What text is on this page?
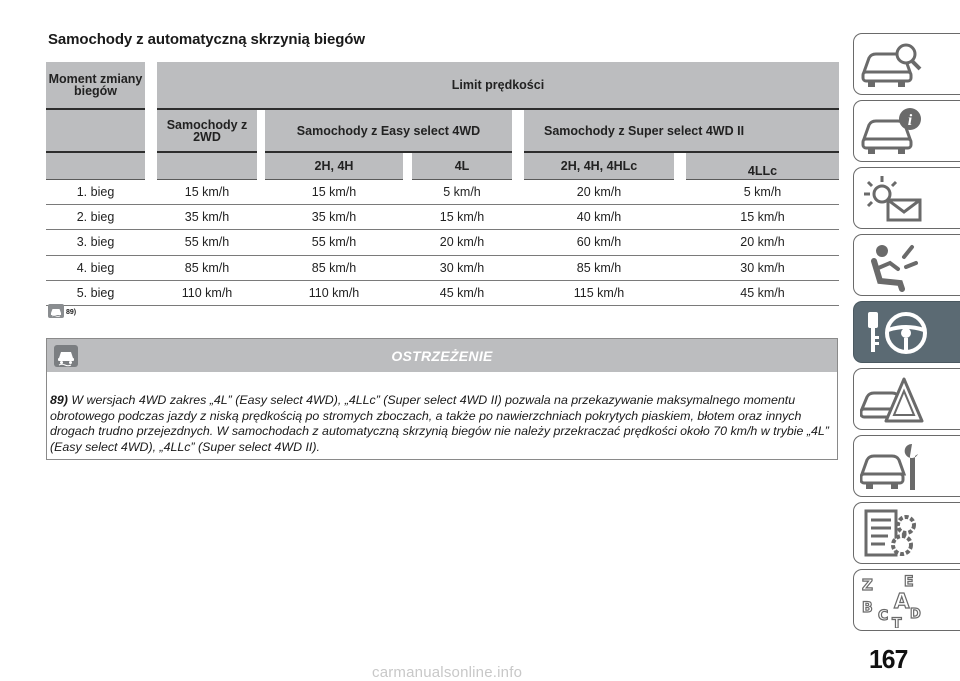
Samochody z automatyczną skrzynią biegów
Moment zmiany biegów		Limit prędkości								
		Samochody z 2WD		Samochody z Easy select 4WD				Samochody z Super select 4WD II		
				2H, 4H		4L		2H, 4H, 4HLc		4LLc
1. bieg		15 km/h		15 km/h		5 km/h		20 km/h		5 km/h
2. bieg		35 km/h		35 km/h		15 km/h		40 km/h		15 km/h
3. bieg		55 km/h		55 km/h		20 km/h		60 km/h		20 km/h
4. bieg		85 km/h		85 km/h		30 km/h		85 km/h		30 km/h
5. bieg		110 km/h		110 km/h		45 km/h		115 km/h		45 km/h
89)
OSTRZEŻENIE

89) W wersjach 4WD zakres „4L” (Easy select 4WD), „4LLc” (Super select 4WD II) pozwala na przekazywanie maksymalnego momentu obrotowego podczas jazdy z niską prędkością po stromych zboczach, a także po nawierzchniach pokrytych piaskiem, błotem oraz innych drogach trudno przejezdnych. W samochodach z automatyczną skrzynią biegów nie należy przekraczać prędkości około 70 km/h w trybie „4L” (Easy select 4WD), „4LLc” (Super select 4WD II).

i
Z E
B A
C D
T
167
carmanualsonline.info
